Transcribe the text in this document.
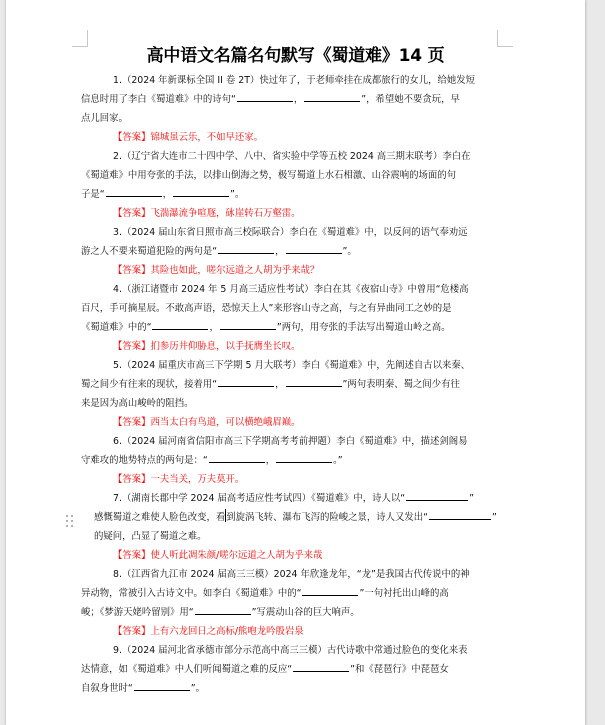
高中语文名篇名句默写《蜀道难》14 页
1.（2024 年新课标全国 II 卷 2T）快过年了，于老师牵挂在成都旅行的女儿，给她发短
信息时用了李白《蜀道难》中的诗句“	，	”，希望她不要贪玩，早
点儿回家。
【答案】锦城虽云乐，不如早还家。
2.（辽宁省大连市二十四中学、八中、省实验中学等五校 2024 高三期末联考）李白在
《蜀道难》中用夸张的手法，以排山倒海之势，极写蜀道上水石相激、山谷震响的场面的句
子是“	，	”。
【答案】飞湍瀑流争喧豗，砯崖转石万壑雷。
3.（2024 届山东省日照市高三校际联合）李白在《蜀道难》中，以反问的语气奉劝远
游之人不要来蜀道犯险的两句是“	，	”。
【答案】其险也如此，嗟尔远道之人胡为乎来哉？
4.（浙江诸暨市 2024 年 5 月高三适应性考试）李白在其《夜宿山寺》中曾用“危楼高
百尺，手可摘星辰。不敢高声语，恐惊天上人”来形容山寺之高，与之有异曲同工之妙的是
《蜀道难》中的“	，	”两句，用夸张的手法写出蜀道山岭之高。
【答案】扪参历井仰胁息，以手抚膺坐长叹。
5.（2024 届重庆市高三下学期 5 月大联考）李白《蜀道难》中，先阐述自古以来秦、
蜀之间少有往来的现状，接着用“	，	”两句表明秦、蜀之间少有往
来是因为高山峻岭的阻挡。
【答案】西当太白有鸟道，可以横绝峨眉巅。
6.（2024 届河南省信阳市高三下学期高考考前押题）李白《蜀道难》中，描述剑阁易
守难攻的地势特点的两句是：“	，	。”
【答案】一夫当关，万夫莫开。
7.（湖南长郡中学 2024 届高考适应性考试四）《蜀道难》中，诗人以“	”
感慨蜀道之难使人脸色改变，看到旋涡飞转、瀑布飞泻的险峻之景，诗人又发出“	”
的疑问，凸显了蜀道之难。
【答案】使人听此凋朱颜/嗟尔远道之人胡为乎来哉
8.（江西省九江市 2024 届高三三模）2024 年欣逢龙年，“龙”是我国古代传说中的神
异动物，常被引入古诗文中。如李白《蜀道难》中的“	”一句衬托出山峰的高
峻；《梦游天姥吟留别》用“	”写震动山谷的巨大响声。
【答案】上有六龙回日之高标/熊咆龙吟殷岩泉
9.（2024 届河北省承德市部分示范高中高三三模）古代诗歌中常通过脸色的变化来表
达情意，如《蜀道难》中人们听闻蜀道之难的反应“	”和《琵琶行》中琵琶女
自叙身世时“	”。
